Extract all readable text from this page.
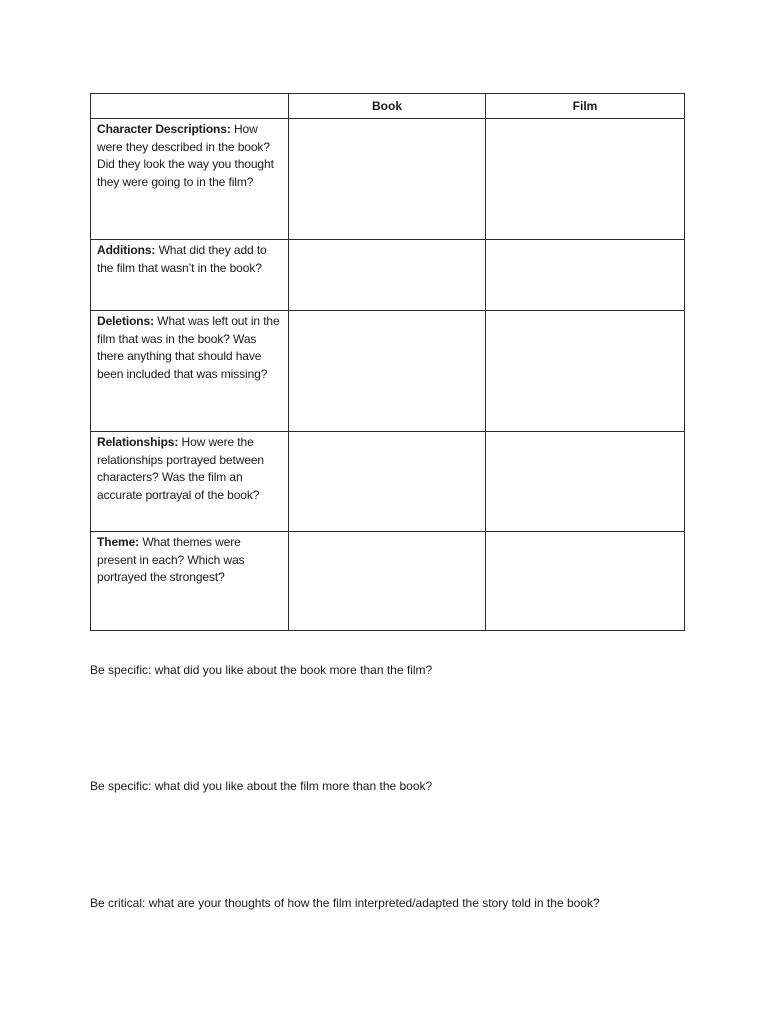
	Book	Film

Character Descriptions: How were they described in the book? Did they look the way you thought they were going to in the film?		

Additions: What did they add to the film that wasn’t in the book?		

Deletions: What was left out in the film that was in the book? Was there anything that should have been included that was missing?		

Relationships: How were the relationships portrayed between characters? Was the film an accurate portrayal of the book?		

Theme: What themes were present in each? Which was portrayed the strongest?		

Be specific: what did you like about the book more than the film?
Be specific: what did you like about the film more than the book?
Be critical: what are your thoughts of how the film interpreted/adapted the story told in the book?
